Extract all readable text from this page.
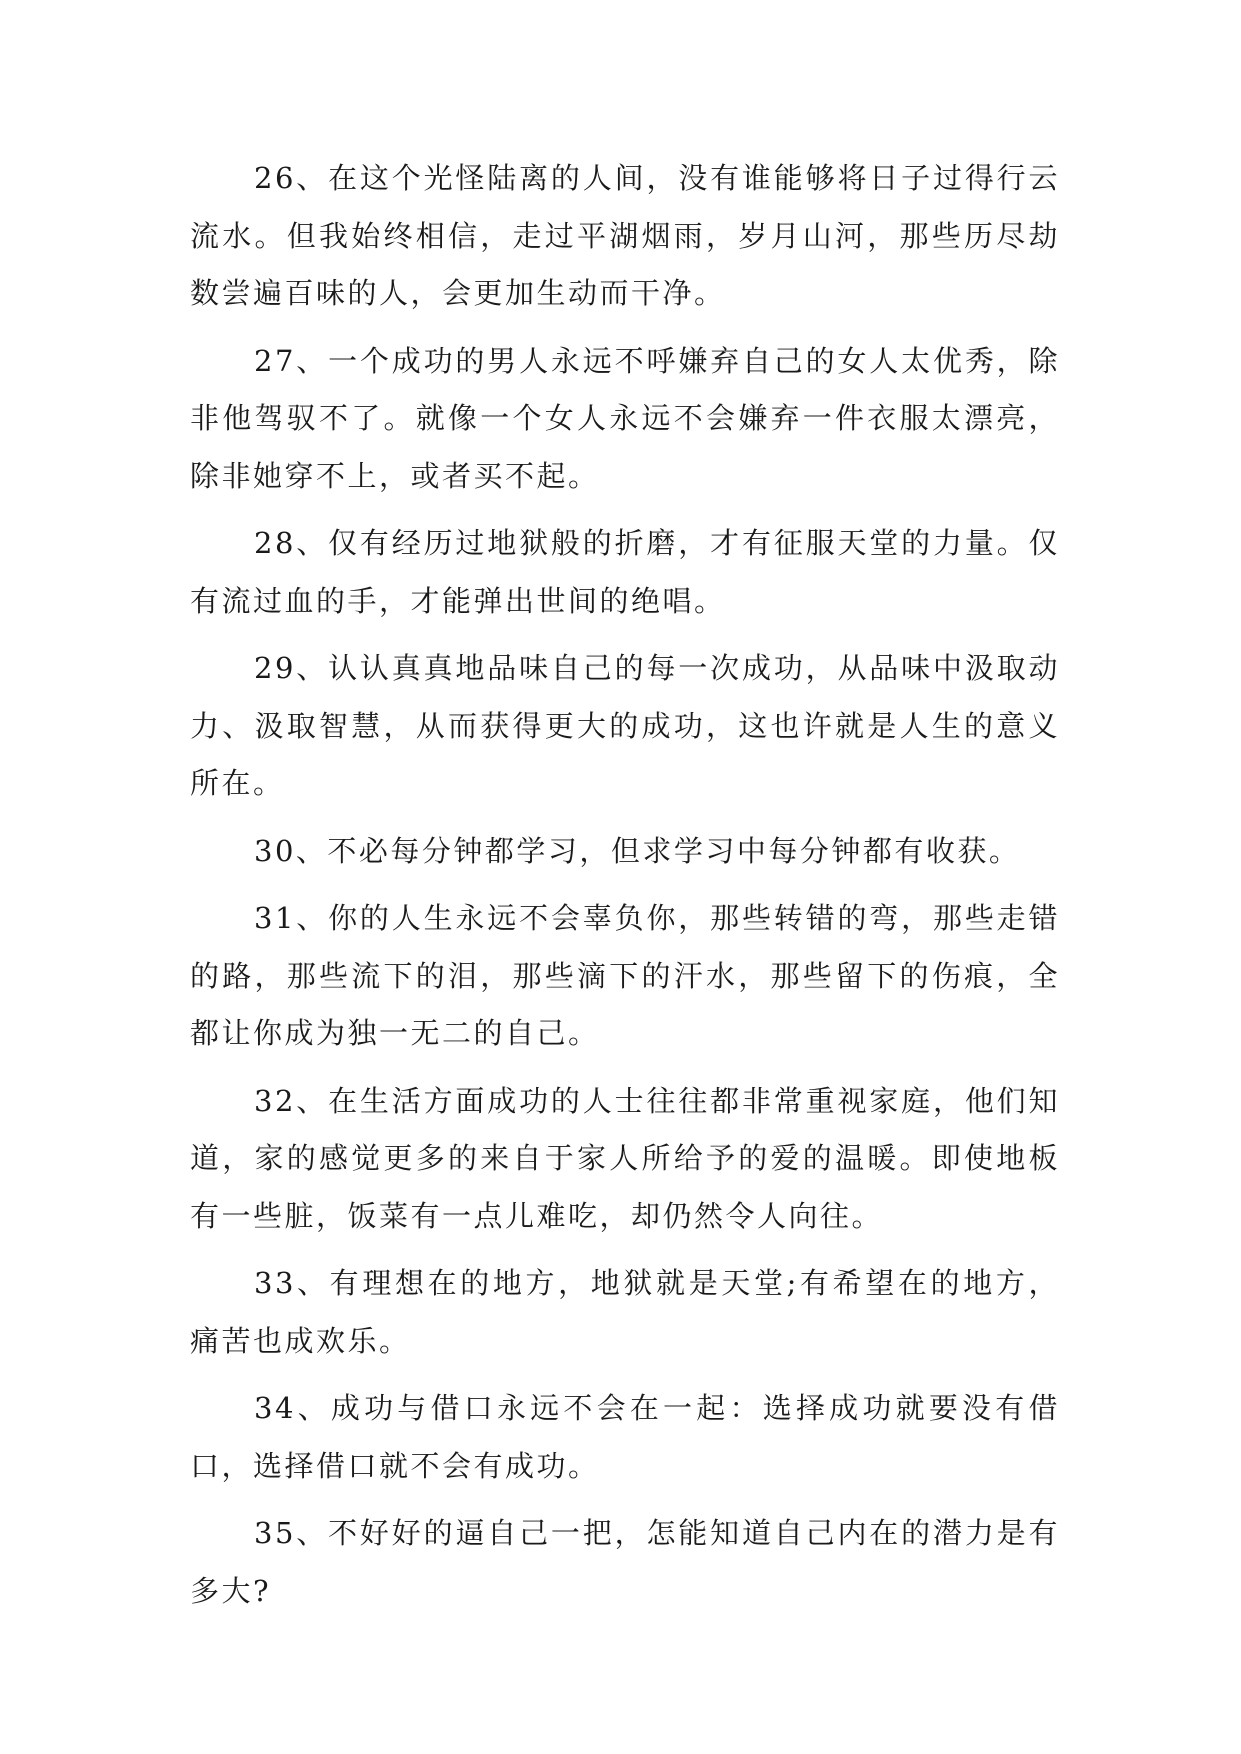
26、在这个光怪陆离的人间，没有谁能够将日子过得行云流水。但我始终相信，走过平湖烟雨，岁月山河，那些历尽劫数尝遍百味的人，会更加生动而干净。

27、一个成功的男人永远不呼嫌弃自己的女人太优秀，除非他驾驭不了。就像一个女人永远不会嫌弃一件衣服太漂亮，除非她穿不上，或者买不起。

28、仅有经历过地狱般的折磨，才有征服天堂的力量。仅有流过血的手，才能弹出世间的绝唱。

29、认认真真地品味自己的每一次成功，从品味中汲取动力、汲取智慧，从而获得更大的成功，这也许就是人生的意义所在。

30、不必每分钟都学习，但求学习中每分钟都有收获。

31、你的人生永远不会辜负你，那些转错的弯，那些走错的路，那些流下的泪，那些滴下的汗水，那些留下的伤痕，全都让你成为独一无二的自己。

32、在生活方面成功的人士往往都非常重视家庭，他们知道，家的感觉更多的来自于家人所给予的爱的温暖。即使地板有一些脏，饭菜有一点儿难吃，却仍然令人向往。

33、有理想在的地方，地狱就是天堂;有希望在的地方，痛苦也成欢乐。

34、成功与借口永远不会在一起：选择成功就要没有借口，选择借口就不会有成功。

35、不好好的逼自己一把，怎能知道自己内在的潜力是有多大?
